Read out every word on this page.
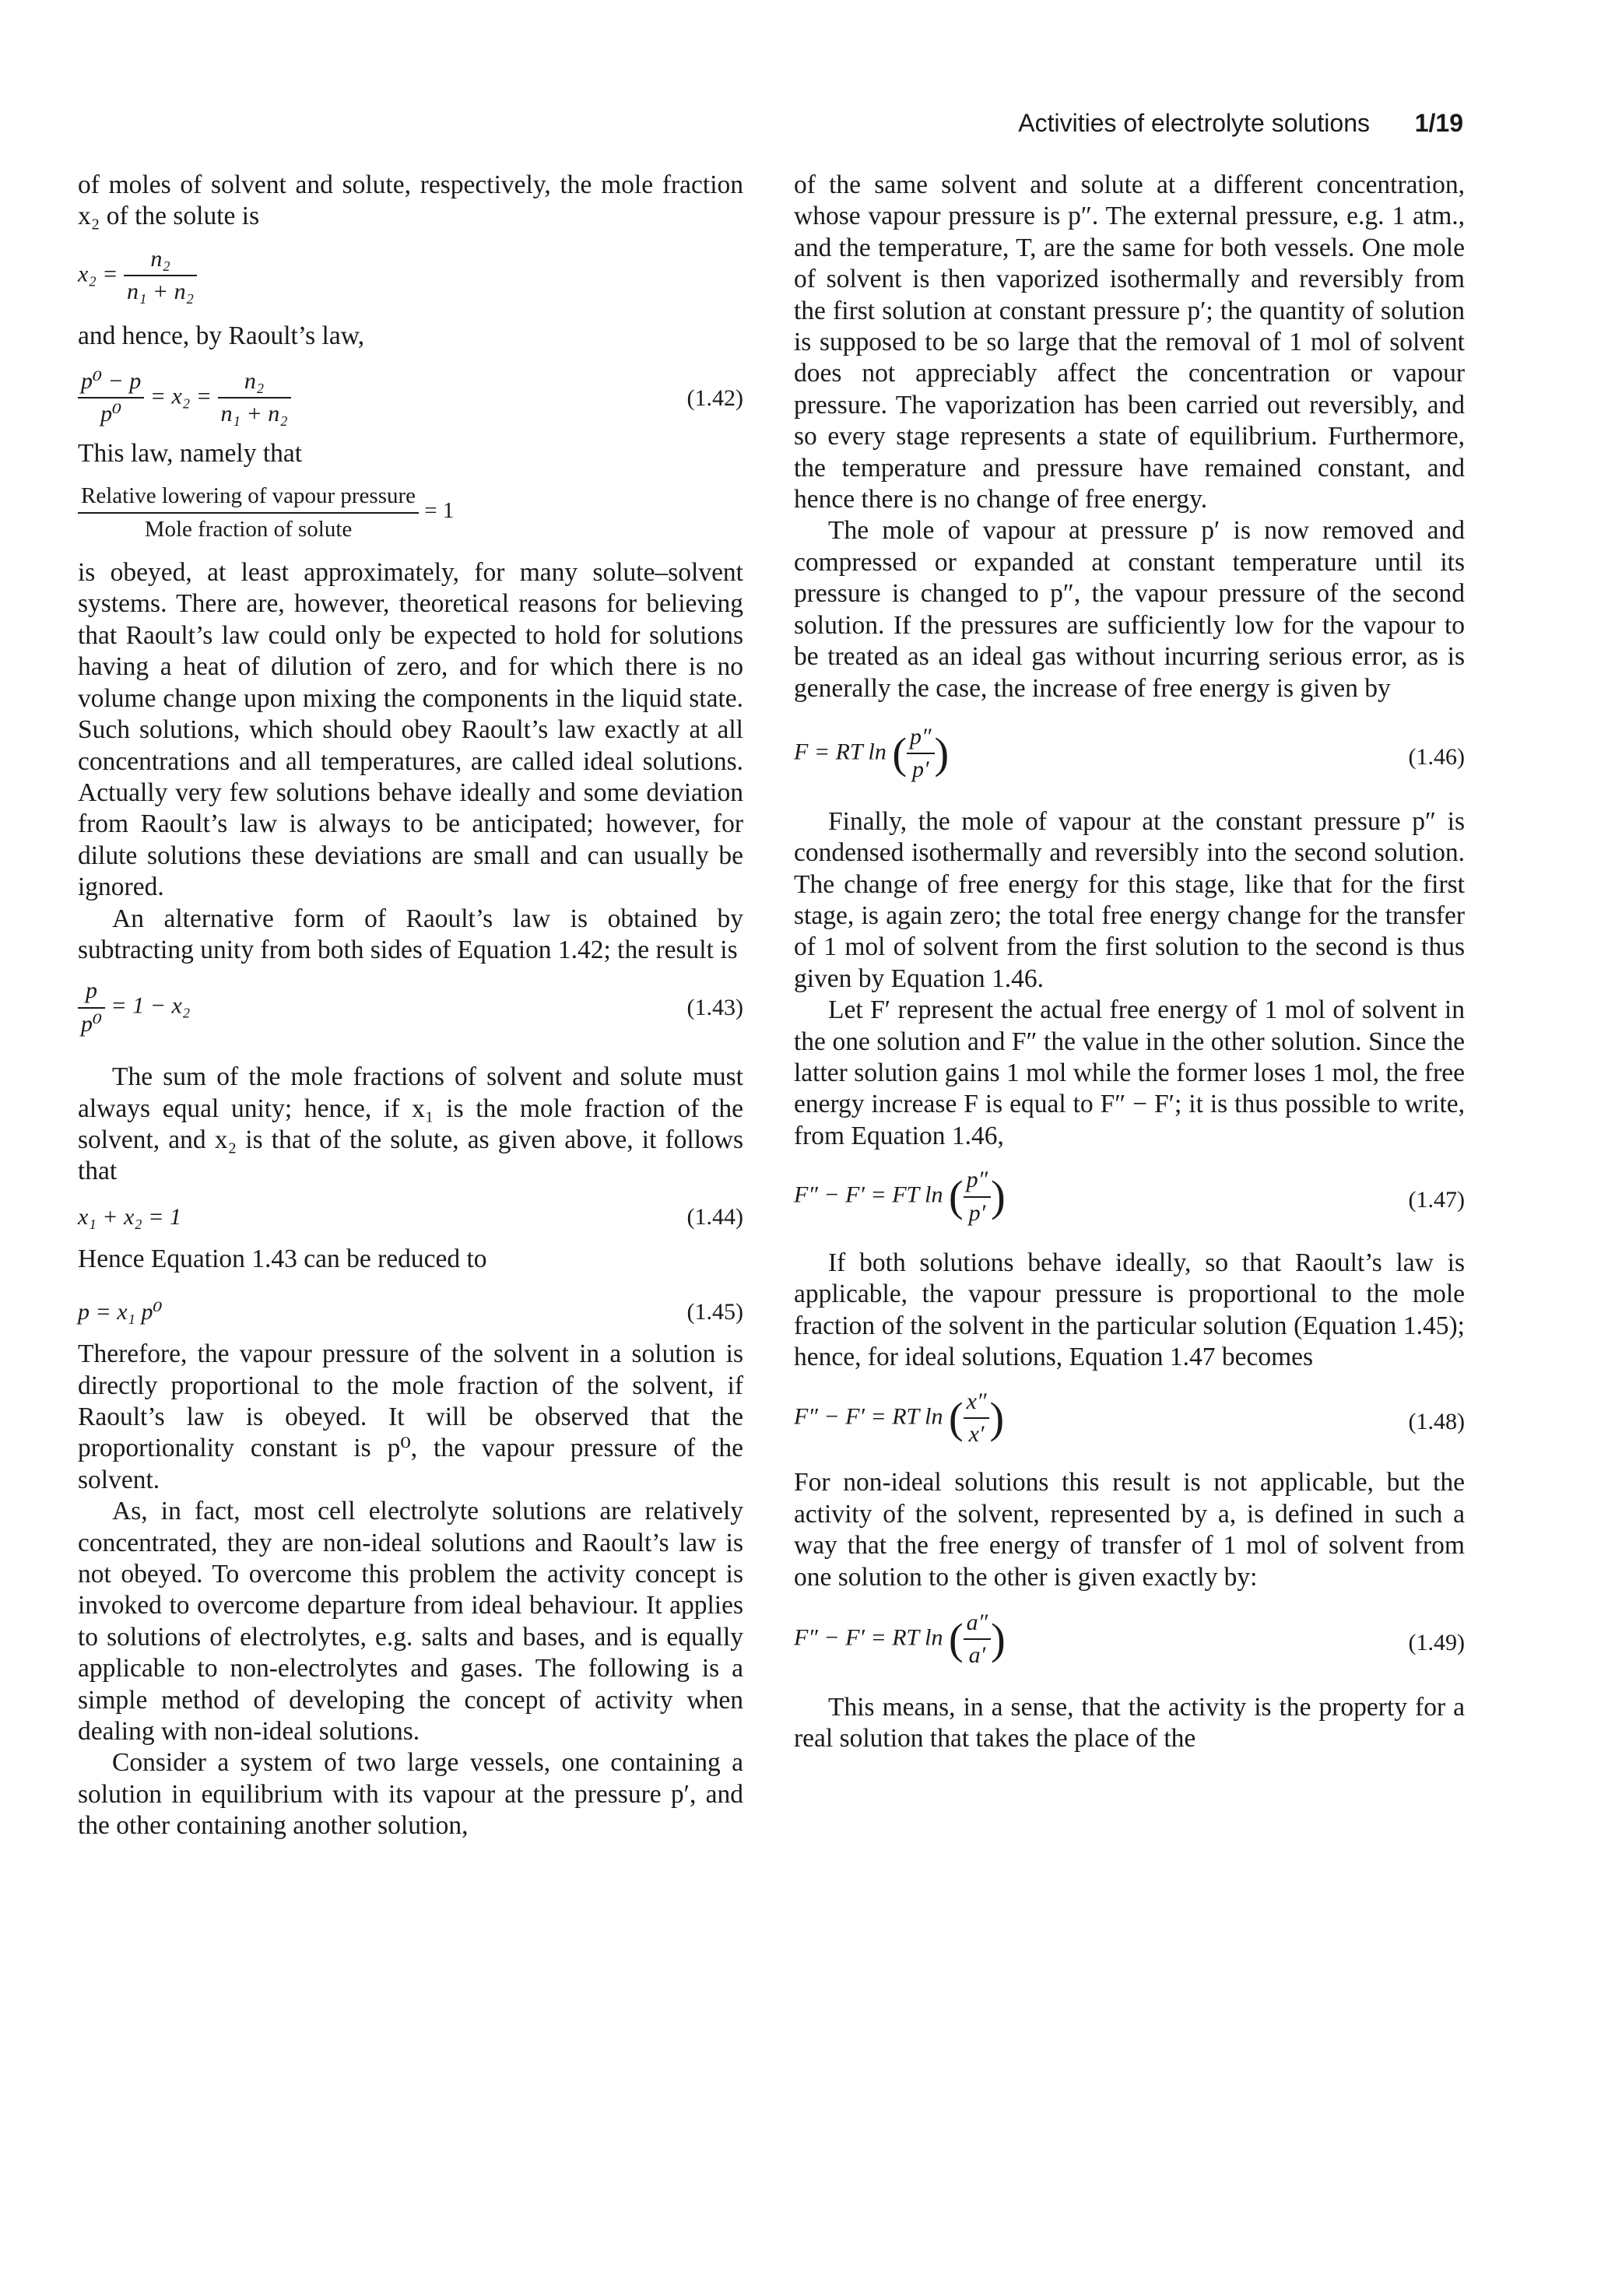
Activities of electrolyte solutions 1/19

of moles of solvent and solute, respectively, the mole fraction x₂ of the solute is

$x_2 = \frac{\text{n₂}}{\text{n₁ + n₂}}$

and hence, by Raoult’s law,

$\frac{\text{p⁰ − p}}{\text{p⁰}} = x_2 = \frac{\text{n₂}}{\text{n₁ + n₂}}$	(1.42)

This law, namely that

$\frac{\text{Relative lowering of vapour pressure}}{\text{Mole fraction of solute}} = 1$

is obeyed, at least approximately, for many solute–solvent systems. There are, however, theoretical reasons for believing that Raoult’s law could only be expected to hold for solutions having a heat of dilution of zero, and for which there is no volume change upon mixing the components in the liquid state. Such solutions, which should obey Raoult’s law exactly at all concentrations and all temperatures, are called ideal solutions. Actually very few solutions behave ideally and some deviation from Raoult’s law is always to be anticipated; however, for dilute solutions these deviations are small and can usually be ignored.

An alternative form of Raoult’s law is obtained by subtracting unity from both sides of Equation 1.42; the result is

$\frac{p}{\text{p⁰}} = 1 - x_2$	(1.43)

The sum of the mole fractions of solvent and solute must always equal unity; hence, if x₁ is the mole fraction of the solvent, and x₂ is that of the solute, as given above, it follows that

x₁ + x₂ = 1	(1.44)

Hence Equation 1.43 can be reduced to

p = x₁ p⁰	(1.45)

Therefore, the vapour pressure of the solvent in a solution is directly proportional to the mole fraction of the solvent, if Raoult’s law is obeyed. It will be observed that the proportionality constant is p⁰, the vapour pressure of the solvent.

As, in fact, most cell electrolyte solutions are relatively concentrated, they are non-ideal solutions and Raoult’s law is not obeyed. To overcome this problem the activity concept is invoked to overcome departure from ideal behaviour. It applies to solutions of electrolytes, e.g. salts and bases, and is equally applicable to non-electrolytes and gases. The following is a simple method of developing the concept of activity when dealing with non-ideal solutions.

Consider a system of two large vessels, one containing a solution in equilibrium with its vapour at the pressure p′, and the other containing another solution,

of the same solvent and solute at a different concentration, whose vapour pressure is p″. The external pressure, e.g. 1 atm., and the temperature, T, are the same for both vessels. One mole of solvent is then vaporized isothermally and reversibly from the first solution at constant pressure p′; the quantity of solution is supposed to be so large that the removal of 1 mol of solvent does not appreciably affect the concentration or vapour pressure. The vaporization has been carried out reversibly, and so every stage represents a state of equilibrium. Furthermore, the temperature and pressure have remained constant, and hence there is no change of free energy.

The mole of vapour at pressure p′ is now removed and compressed or expanded at constant temperature until its pressure is changed to p″, the vapour pressure of the second solution. If the pressures are sufficiently low for the vapour to be treated as an ideal gas without incurring serious error, as is generally the case, the increase of free energy is given by

F = RT ln ( $\frac{p''}{p'}$ )	(1.46)

Finally, the mole of vapour at the constant pressure p″ is condensed isothermally and reversibly into the second solution. The change of free energy for this stage, like that for the first stage, is again zero; the total free energy change for the transfer of 1 mol of solvent from the first solution to the second is thus given by Equation 1.46.

Let F′ represent the actual free energy of 1 mol of solvent in the one solution and F″ the value in the other solution. Since the latter solution gains 1 mol while the former loses 1 mol, the free energy increase F is equal to F″ − F′; it is thus possible to write, from Equation 1.46,

F″ − F′ = FT ln ( $\frac{p''}{p'}$ )	(1.47)

If both solutions behave ideally, so that Raoult’s law is applicable, the vapour pressure is proportional to the mole fraction of the solvent in the particular solution (Equation 1.45); hence, for ideal solutions, Equation 1.47 becomes

F″ − F′ = RT ln ( $\frac{x''}{x'}$ )	(1.48)

For non-ideal solutions this result is not applicable, but the activity of the solvent, represented by a, is defined in such a way that the free energy of transfer of 1 mol of solvent from one solution to the other is given exactly by:

F″ − F′ = RT ln ( $\frac{a''}{a'}$ )	(1.49)

This means, in a sense, that the activity is the property for a real solution that takes the place of the
